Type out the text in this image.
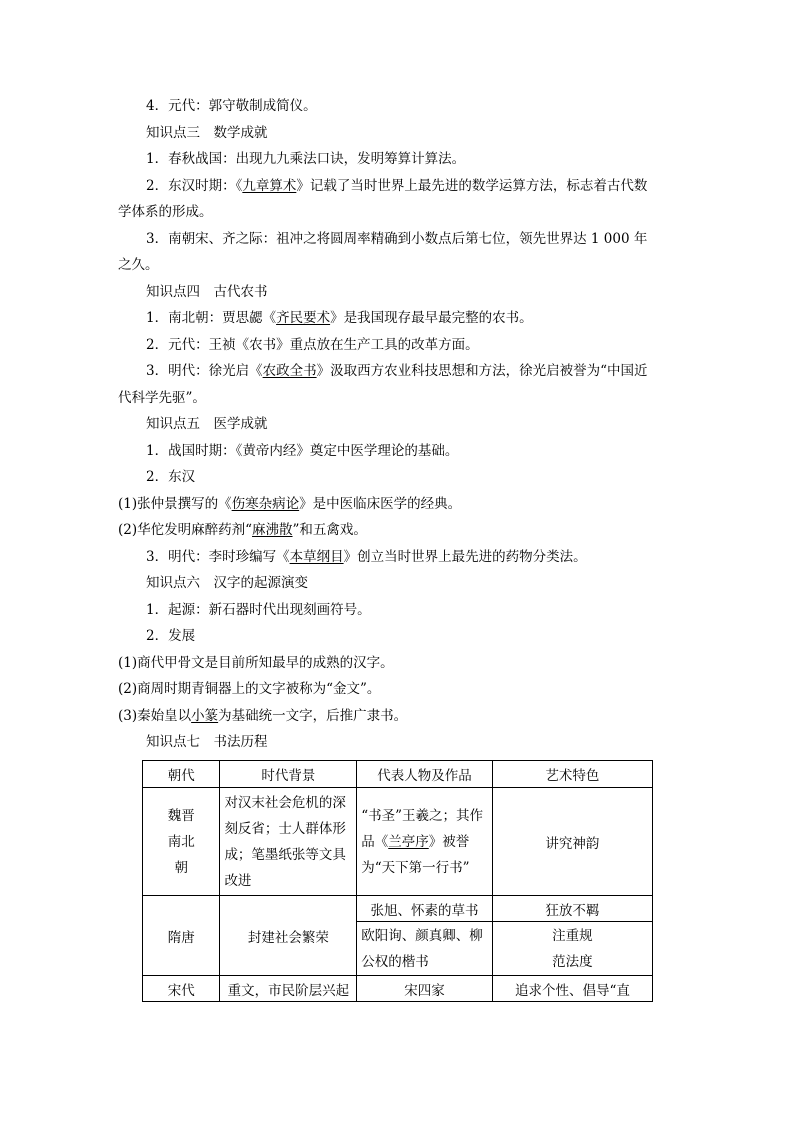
4．元代：郭守敬制成简仪。
知识点三　数学成就
1．春秋战国：出现九九乘法口诀，发明筹算计算法。
2．东汉时期：《九章算术》记载了当时世界上最先进的数学运算方法，标志着古代数学体系的形成。
3．南朝宋、齐之际：祖冲之将圆周率精确到小数点后第七位，领先世界达 1 000 年之久。
知识点四　古代农书
1．南北朝：贾思勰《齐民要术》是我国现存最早最完整的农书。
2．元代：王祯《农书》重点放在生产工具的改革方面。
3．明代：徐光启《农政全书》汲取西方农业科技思想和方法，徐光启被誉为“中国近代科学先驱”。
知识点五　医学成就
1．战国时期：《黄帝内经》奠定中医学理论的基础。
2．东汉
(1)张仲景撰写的《伤寒杂病论》是中医临床医学的经典。
(2)华佗发明麻醉药剂“麻沸散”和五禽戏。
3．明代：李时珍编写《本草纲目》创立当时世界上最先进的药物分类法。
知识点六　汉字的起源演变
1．起源：新石器时代出现刻画符号。
2．发展
(1)商代甲骨文是目前所知最早的成熟的汉字。
(2)商周时期青铜器上的文字被称为“金文”。
(3)秦始皇以小篆为基础统一文字，后推广隶书。
知识点七　书法历程
朝代	时代背景	代表人物及作品	艺术特色

魏晋
南北
朝	对汉末社会危机的深刻反省；士人群体形成；笔墨纸张等文具改进	“书圣”王羲之；其作品《兰亭序》被誉为“天下第一行书”	讲究神韵
隋唐	封建社会繁荣	张旭、怀素的草书	狂放不羁
		欧阳询、颜真卿、柳公权的楷书	注重规
范法度

宋代	重文，市民阶层兴起	宋四家	追求个性、倡导“直
